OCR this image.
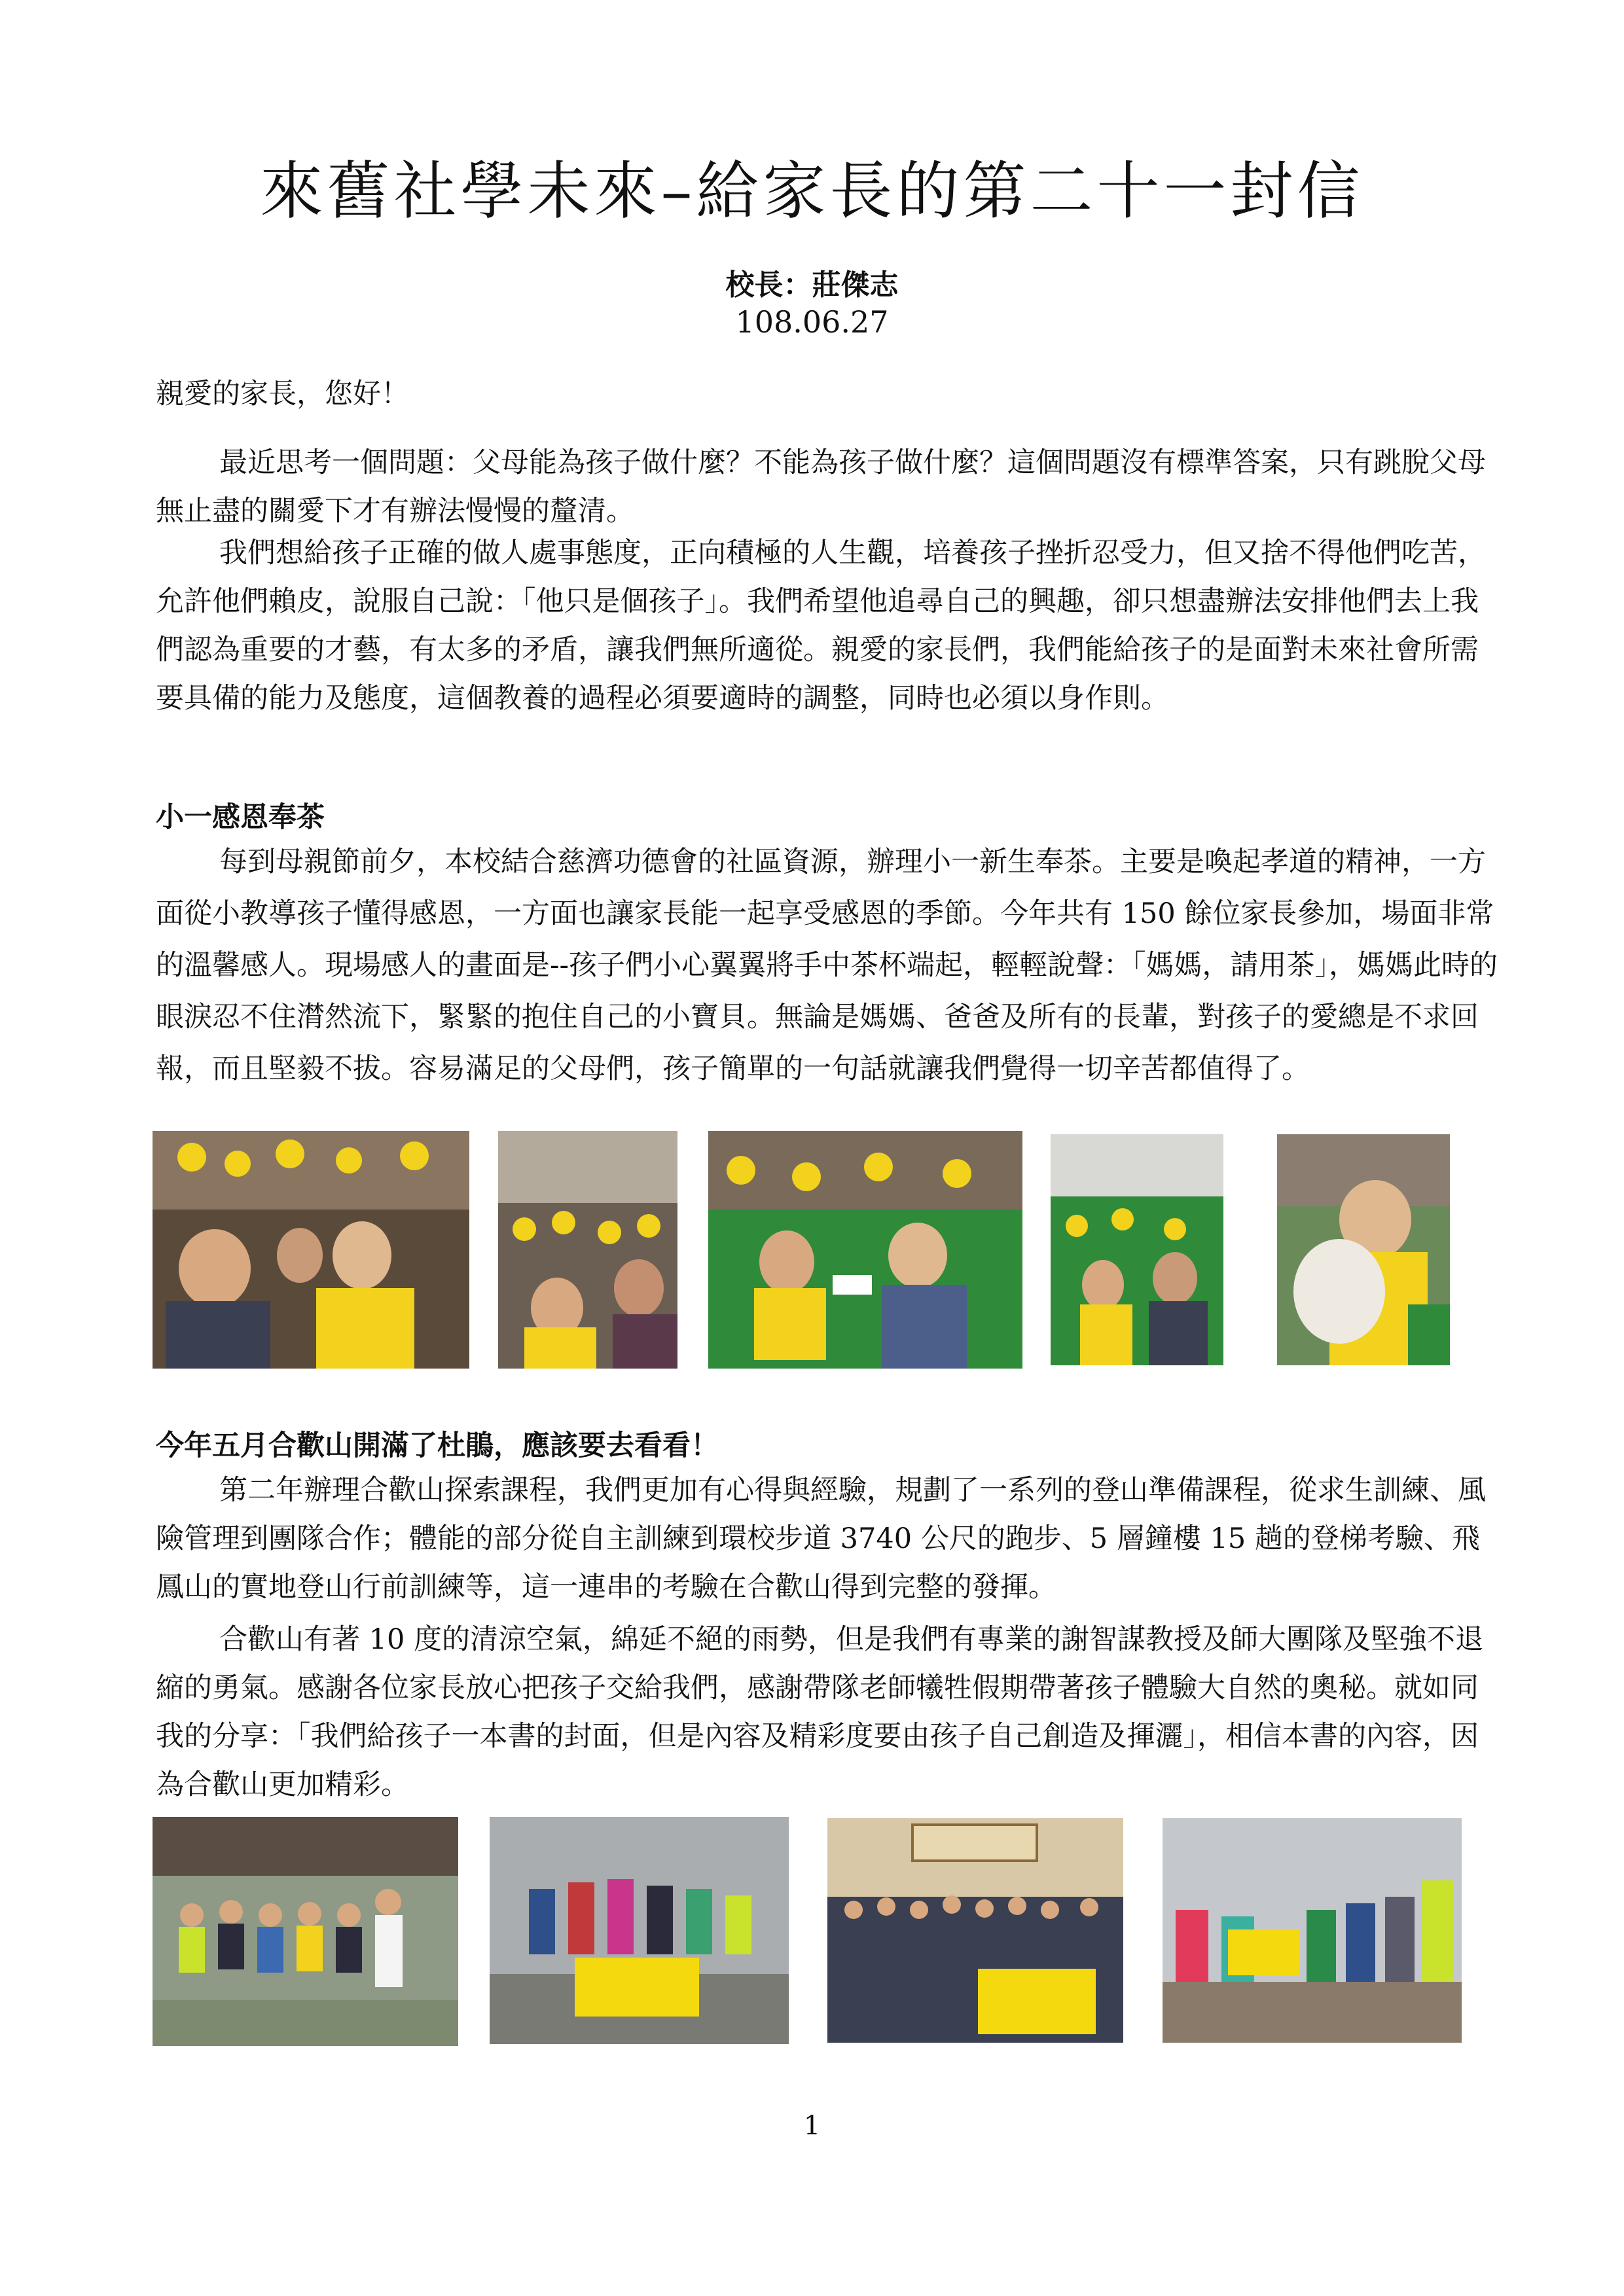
來舊社學未來–給家長的第二十一封信
校長：莊傑志
108.06.27
親愛的家長，您好！
最近思考一個問題：父母能為孩子做什麼？不能為孩子做什麼？這個問題沒有標準答案，只有跳脫父母無止盡的關愛下才有辦法慢慢的釐清。
我們想給孩子正確的做人處事態度，正向積極的人生觀，培養孩子挫折忍受力，但又捨不得他們吃苦，允許他們賴皮，說服自己說：「他只是個孩子」。我們希望他追尋自己的興趣，卻只想盡辦法安排他們去上我們認為重要的才藝，有太多的矛盾，讓我們無所適從。親愛的家長們，我們能給孩子的是面對未來社會所需要具備的能力及態度，這個教養的過程必須要適時的調整，同時也必須以身作則。
小一感恩奉茶
每到母親節前夕，本校結合慈濟功德會的社區資源，辦理小一新生奉茶。主要是喚起孝道的精神，一方面從小教導孩子懂得感恩，一方面也讓家長能一起享受感恩的季節。今年共有 150 餘位家長參加，場面非常的溫馨感人。現場感人的畫面是--孩子們小心翼翼將手中茶杯端起，輕輕說聲：「媽媽，請用茶」，媽媽此時的眼淚忍不住潸然流下，緊緊的抱住自己的小寶貝。無論是媽媽、爸爸及所有的長輩，對孩子的愛總是不求回報，而且堅毅不拔。容易滿足的父母們，孩子簡單的一句話就讓我們覺得一切辛苦都值得了。
今年五月合歡山開滿了杜鵑，應該要去看看！
第二年辦理合歡山探索課程，我們更加有心得與經驗，規劃了一系列的登山準備課程，從求生訓練、風險管理到團隊合作；體能的部分從自主訓練到環校步道 3740 公尺的跑步、5 層鐘樓 15 趟的登梯考驗、飛鳳山的實地登山行前訓練等，這一連串的考驗在合歡山得到完整的發揮。
合歡山有著 10 度的清涼空氣，綿延不絕的雨勢，但是我們有專業的謝智謀教授及師大團隊及堅強不退縮的勇氣。感謝各位家長放心把孩子交給我們，感謝帶隊老師犧牲假期帶著孩子體驗大自然的奧秘。就如同我的分享：「我們給孩子一本書的封面，但是內容及精彩度要由孩子自己創造及揮灑」，相信本書的內容，因為合歡山更加精彩。
1
